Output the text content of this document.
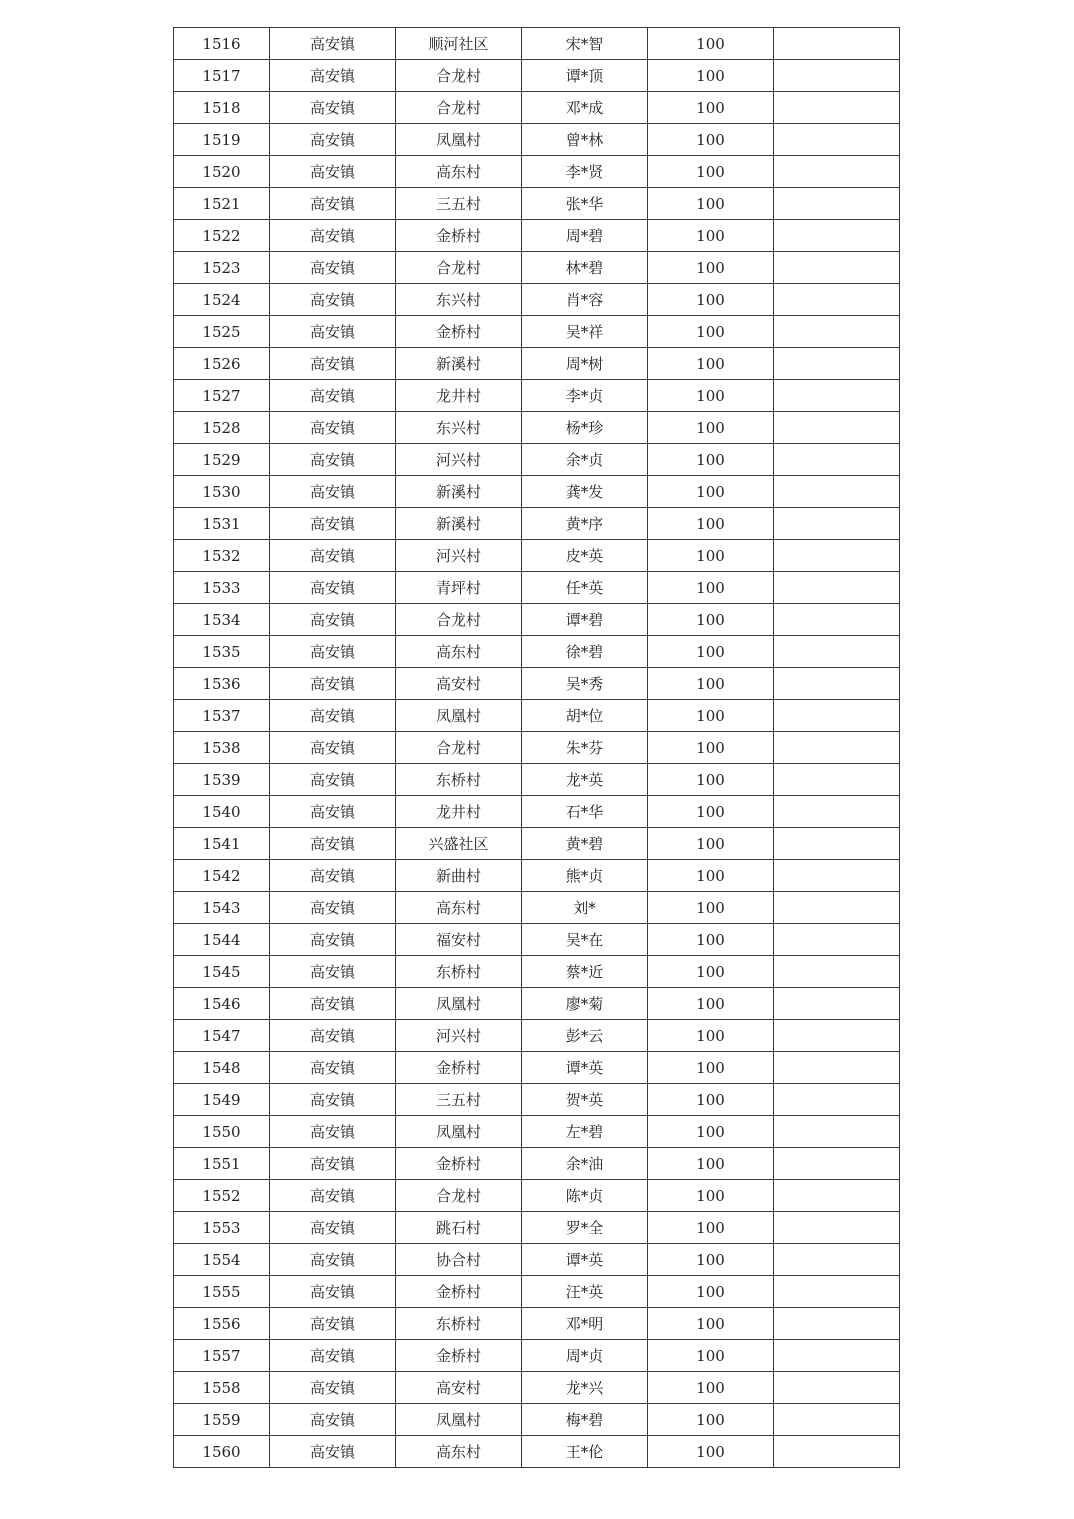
1516	高安镇	顺河社区	宋*智	100	
1517	高安镇	合龙村	谭*顶	100	
1518	高安镇	合龙村	邓*成	100	
1519	高安镇	凤凰村	曾*林	100	
1520	高安镇	高东村	李*贤	100	
1521	高安镇	三五村	张*华	100	
1522	高安镇	金桥村	周*碧	100	
1523	高安镇	合龙村	林*碧	100	
1524	高安镇	东兴村	肖*容	100	
1525	高安镇	金桥村	吴*祥	100	
1526	高安镇	新溪村	周*树	100	
1527	高安镇	龙井村	李*贞	100	
1528	高安镇	东兴村	杨*珍	100	
1529	高安镇	河兴村	余*贞	100	
1530	高安镇	新溪村	龚*发	100	
1531	高安镇	新溪村	黄*序	100	
1532	高安镇	河兴村	皮*英	100	
1533	高安镇	青坪村	任*英	100	
1534	高安镇	合龙村	谭*碧	100	
1535	高安镇	高东村	徐*碧	100	
1536	高安镇	高安村	吴*秀	100	
1537	高安镇	凤凰村	胡*位	100	
1538	高安镇	合龙村	朱*芬	100	
1539	高安镇	东桥村	龙*英	100	
1540	高安镇	龙井村	石*华	100	
1541	高安镇	兴盛社区	黄*碧	100	
1542	高安镇	新曲村	熊*贞	100	
1543	高安镇	高东村	刘*	100	
1544	高安镇	福安村	吴*在	100	
1545	高安镇	东桥村	蔡*近	100	
1546	高安镇	凤凰村	廖*菊	100	
1547	高安镇	河兴村	彭*云	100	
1548	高安镇	金桥村	谭*英	100	
1549	高安镇	三五村	贺*英	100	
1550	高安镇	凤凰村	左*碧	100	
1551	高安镇	金桥村	余*油	100	
1552	高安镇	合龙村	陈*贞	100	
1553	高安镇	跳石村	罗*全	100	
1554	高安镇	协合村	谭*英	100	
1555	高安镇	金桥村	汪*英	100	
1556	高安镇	东桥村	邓*明	100	
1557	高安镇	金桥村	周*贞	100	
1558	高安镇	高安村	龙*兴	100	
1559	高安镇	凤凰村	梅*碧	100	
1560	高安镇	高东村	王*伦	100	
